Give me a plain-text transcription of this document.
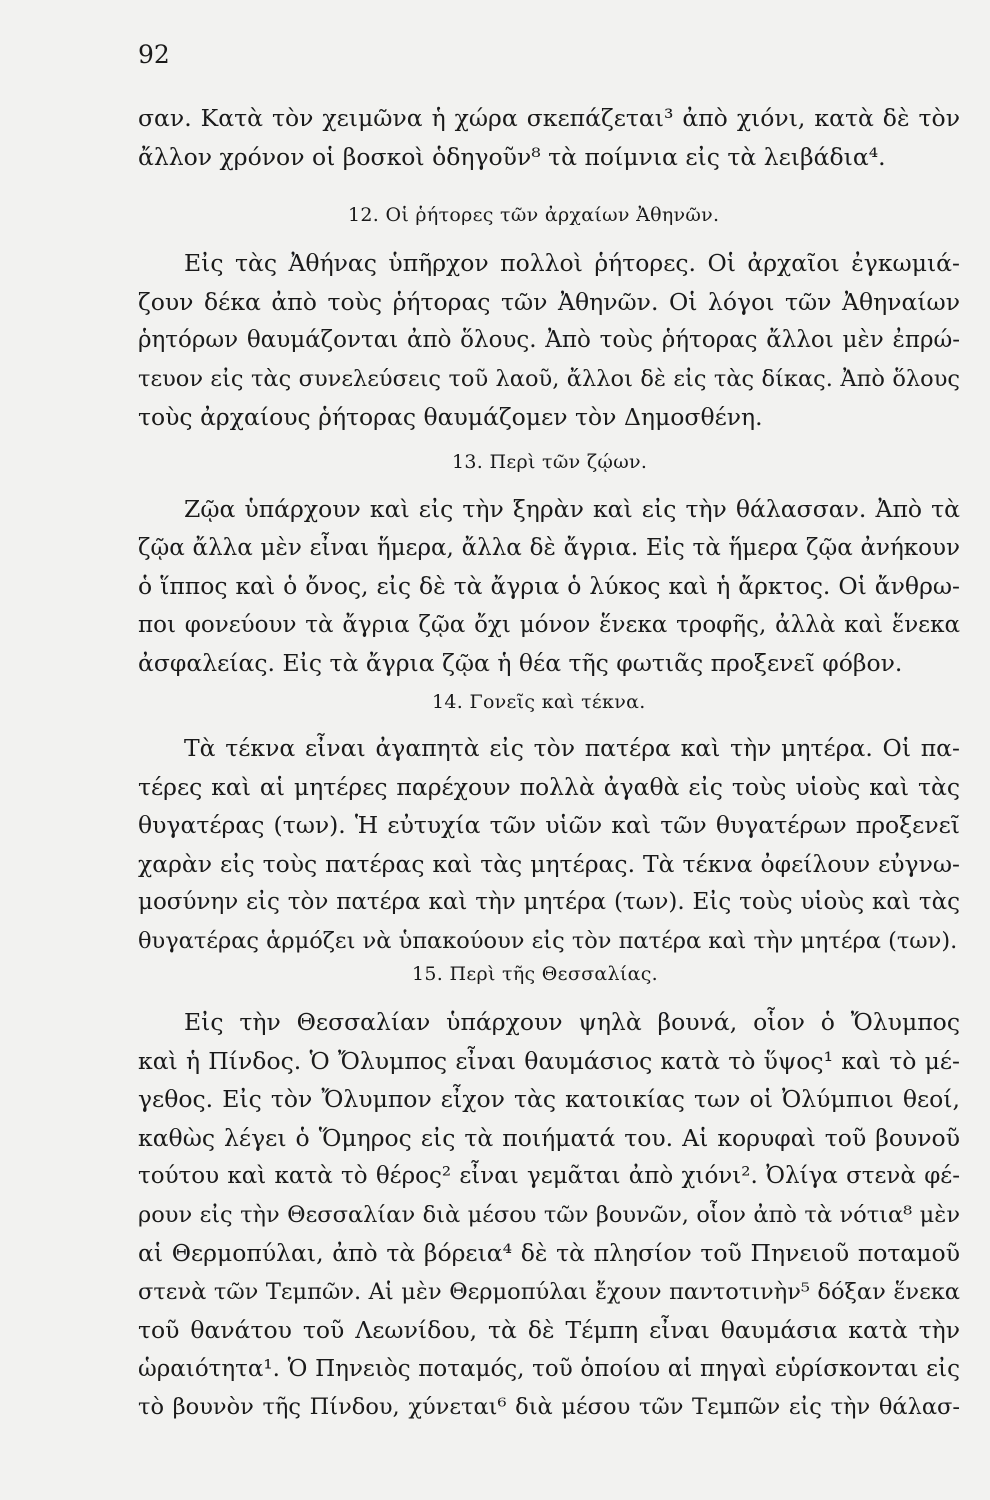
92
σαν. Κατὰ τὸν χειμῶνα ἡ χώρα σκεπάζεται³ ἀπὸ χιόνι, κατὰ δὲ τὸν
ἄλλον χρόνον οἱ βοσκοὶ ὁδηγοῦν⁸ τὰ ποίμνια εἰς τὰ λειβάδια⁴.
12. Οἱ ῥήτορες τῶν ἀρχαίων Ἀθηνῶν.
Εἰς τὰς Ἀθήνας ὑπῆρχον πολλοὶ ῥήτορες. Οἱ ἀρχαῖοι ἐγκωμιά-
ζουν δέκα ἀπὸ τοὺς ῥήτορας τῶν Ἀθηνῶν. Οἱ λόγοι τῶν Ἀθηναίων
ῥητόρων θαυμάζονται ἀπὸ ὅλους. Ἀπὸ τοὺς ῥήτορας ἄλλοι μὲν ἐπρώ-
τευον εἰς τὰς συνελεύσεις τοῦ λαοῦ, ἄλλοι δὲ εἰς τὰς δίκας. Ἀπὸ ὅλους
τοὺς ἀρχαίους ῥήτορας θαυμάζομεν τὸν Δημοσθένη.
13. Περὶ τῶν ζῴων.
Ζῷα ὑπάρχουν καὶ εἰς τὴν ξηρὰν καὶ εἰς τὴν θάλασσαν. Ἀπὸ τὰ
ζῷα ἄλλα μὲν εἶναι ἥμερα, ἄλλα δὲ ἄγρια. Εἰς τὰ ἥμερα ζῷα ἀνήκουν
ὁ ἵππος καὶ ὁ ὄνος, εἰς δὲ τὰ ἄγρια ὁ λύκος καὶ ἡ ἄρκτος. Οἱ ἄνθρω-
ποι φονεύουν τὰ ἄγρια ζῷα ὄχι μόνον ἕνεκα τροφῆς, ἀλλὰ καὶ ἕνεκα
ἀσφαλείας. Εἰς τὰ ἄγρια ζῷα ἡ θέα τῆς φωτιᾶς προξενεῖ φόβον.
14. Γονεῖς καὶ τέκνα.
Τὰ τέκνα εἶναι ἀγαπητὰ εἰς τὸν πατέρα καὶ τὴν μητέρα. Οἱ πα-
τέρες καὶ αἱ μητέρες παρέχουν πολλὰ ἀγαθὰ εἰς τοὺς υἱοὺς καὶ τὰς
θυγατέρας (των). Ἡ εὐτυχία τῶν υἱῶν καὶ τῶν θυγατέρων προξενεῖ
χαρὰν εἰς τοὺς πατέρας καὶ τὰς μητέρας. Τὰ τέκνα ὀφείλουν εὐγνω-
μοσύνην εἰς τὸν πατέρα καὶ τὴν μητέρα (των). Εἰς τοὺς υἱοὺς καὶ τὰς
θυγατέρας ἁρμόζει νὰ ὑπακούουν εἰς τὸν πατέρα καὶ τὴν μητέρα (των).
15. Περὶ τῆς Θεσσαλίας.
Εἰς τὴν Θεσσαλίαν ὑπάρχουν ψηλὰ βουνά, οἷον ὁ Ὄλυμπος
καὶ ἡ Πίνδος. Ὁ Ὄλυμπος εἶναι θαυμάσιος κατὰ τὸ ὕψος¹ καὶ τὸ μέ-
γεθος. Εἰς τὸν Ὄλυμπον εἶχον τὰς κατοικίας των οἱ Ὀλύμπιοι θεοί,
καθὼς λέγει ὁ Ὅμηρος εἰς τὰ ποιήματά του. Αἱ κορυφαὶ τοῦ βουνοῦ
τούτου καὶ κατὰ τὸ θέρος² εἶναι γεμᾶται ἀπὸ χιόνι². Ὀλίγα στενὰ φέ-
ρουν εἰς τὴν Θεσσαλίαν διὰ μέσου τῶν βουνῶν, οἷον ἀπὸ τὰ νότια⁸ μὲν
αἱ Θερμοπύλαι, ἀπὸ τὰ βόρεια⁴ δὲ τὰ πλησίον τοῦ Πηνειοῦ ποταμοῦ
στενὰ τῶν Τεμπῶν. Αἱ μὲν Θερμοπύλαι ἔχουν παντοτινὴν⁵ δόξαν ἕνεκα
τοῦ θανάτου τοῦ Λεωνίδου, τὰ δὲ Τέμπη εἶναι θαυμάσια κατὰ τὴν
ὡραιότητα¹. Ὁ Πηνειὸς ποταμός, τοῦ ὁποίου αἱ πηγαὶ εὑρίσκονται εἰς
τὸ βουνὸν τῆς Πίνδου, χύνεται⁶ διὰ μέσου τῶν Τεμπῶν εἰς τὴν θάλασ-
